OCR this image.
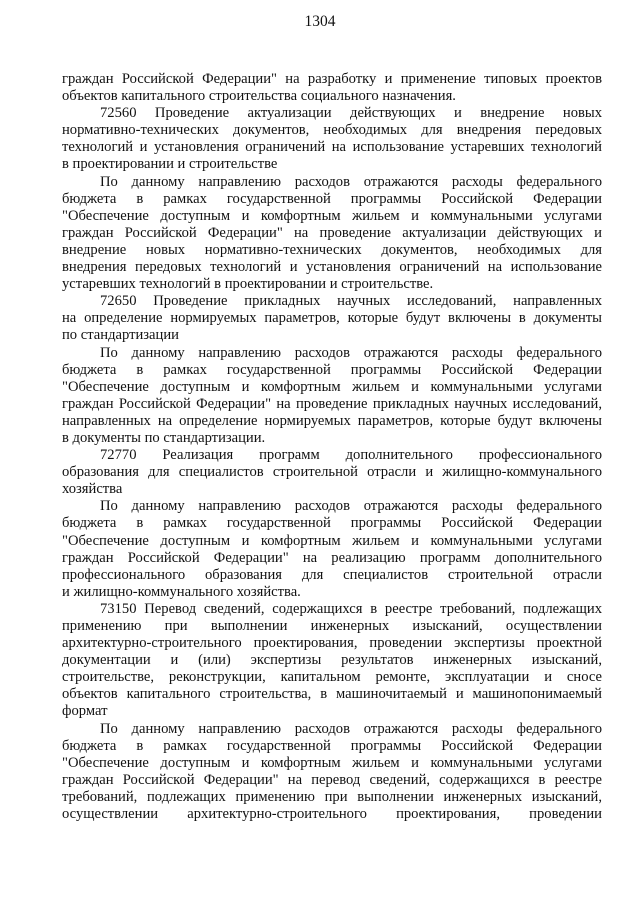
1304
граждан Российской Федерации" на разработку и применение типовых проектов
объектов капитального строительства социального назначения.
72560 Проведение актуализации действующих и внедрение новых
нормативно-технических документов, необходимых для внедрения передовых
технологий и установления ограничений на использование устаревших технологий
в проектировании и строительстве
По данному направлению расходов отражаются расходы федерального
бюджета в рамках государственной программы Российской Федерации
"Обеспечение доступным и комфортным жильем и коммунальными услугами
граждан Российской Федерации" на проведение актуализации действующих и
внедрение новых нормативно-технических документов, необходимых для
внедрения передовых технологий и установления ограничений на использование
устаревших технологий в проектировании и строительстве.
72650 Проведение прикладных научных исследований, направленных
на определение нормируемых параметров, которые будут включены в документы
по стандартизации
По данному направлению расходов отражаются расходы федерального
бюджета в рамках государственной программы Российской Федерации
"Обеспечение доступным и комфортным жильем и коммунальными услугами
граждан Российской Федерации" на проведение прикладных научных исследований,
направленных на определение нормируемых параметров, которые будут включены
в документы по стандартизации.
72770 Реализация программ дополнительного профессионального
образования для специалистов строительной отрасли и жилищно-коммунального
хозяйства
По данному направлению расходов отражаются расходы федерального
бюджета в рамках государственной программы Российской Федерации
"Обеспечение доступным и комфортным жильем и коммунальными услугами
граждан Российской Федерации" на реализацию программ дополнительного
профессионального образования для специалистов строительной отрасли
и жилищно-коммунального хозяйства.
73150 Перевод сведений, содержащихся в реестре требований, подлежащих
применению при выполнении инженерных изысканий, осуществлении
архитектурно-строительного проектирования, проведении экспертизы проектной
документации и (или) экспертизы результатов инженерных изысканий,
строительстве, реконструкции, капитальном ремонте, эксплуатации и сносе
объектов капитального строительства, в машиночитаемый и машинопонимаемый
формат
По данному направлению расходов отражаются расходы федерального
бюджета в рамках государственной программы Российской Федерации
"Обеспечение доступным и комфортным жильем и коммунальными услугами
граждан Российской Федерации" на перевод сведений, содержащихся в реестре
требований, подлежащих применению при выполнении инженерных изысканий,
осуществлении архитектурно-строительного проектирования, проведении
